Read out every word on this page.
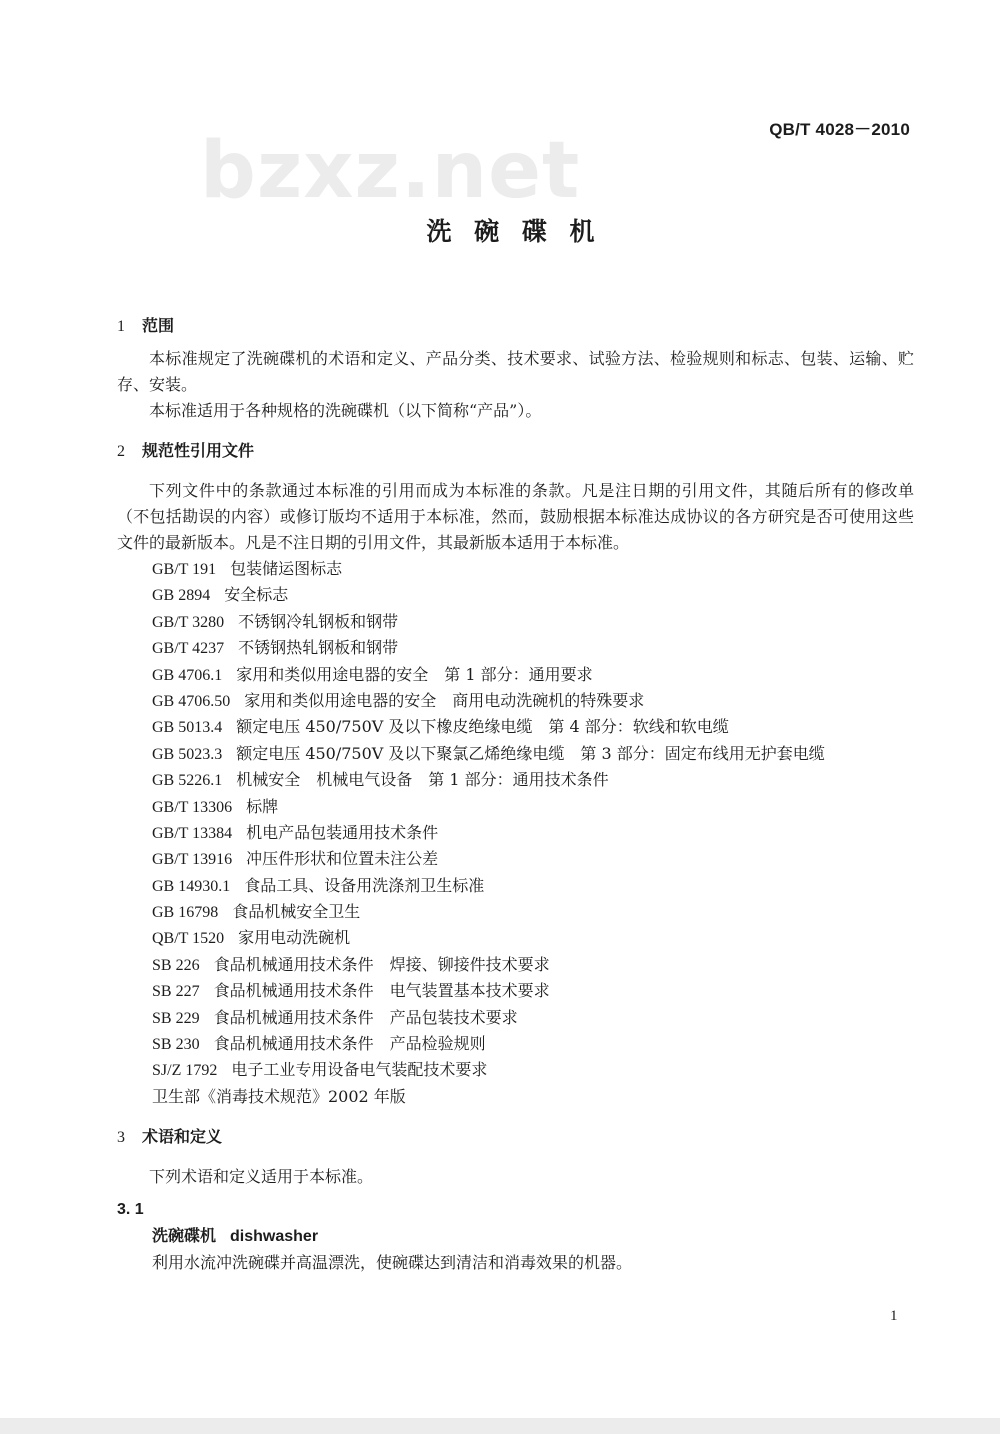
QB/T 4028－2010
bzxz.net
洗 碗 碟 机
1 范围

本标准规定了洗碗碟机的术语和定义、产品分类、技术要求、试验方法、检验规则和标志、包装、运输、贮存、安装。

本标准适用于各种规格的洗碗碟机（以下简称“产品”）。

2 规范性引用文件

下列文件中的条款通过本标准的引用而成为本标准的条款。凡是注日期的引用文件，其随后所有的修改单（不包括勘误的内容）或修订版均不适用于本标准，然而，鼓励根据本标准达成协议的各方研究是否可使用这些文件的最新版本。凡是不注日期的引用文件，其最新版本适用于本标准。

GB/T 191 包装储运图标志
GB 2894 安全标志
GB/T 3280 不锈钢冷轧钢板和钢带
GB/T 4237 不锈钢热轧钢板和钢带
GB 4706.1 家用和类似用途电器的安全　第 1 部分：通用要求
GB 4706.50 家用和类似用途电器的安全　商用电动洗碗机的特殊要求
GB 5013.4 额定电压 450/750V 及以下橡皮绝缘电缆　第 4 部分：软线和软电缆
GB 5023.3 额定电压 450/750V 及以下聚氯乙烯绝缘电缆　第 3 部分：固定布线用无护套电缆
GB 5226.1 机械安全　机械电气设备　第 1 部分：通用技术条件
GB/T 13306 标牌
GB/T 13384 机电产品包装通用技术条件
GB/T 13916 冲压件形状和位置未注公差
GB 14930.1 食品工具、设备用洗涤剂卫生标准
GB 16798 食品机械安全卫生
QB/T 1520 家用电动洗碗机
SB 226 食品机械通用技术条件　焊接、铆接件技术要求
SB 227 食品机械通用技术条件　电气装置基本技术要求
SB 229 食品机械通用技术条件　产品包装技术要求
SB 230 食品机械通用技术条件　产品检验规则
SJ/Z 1792 电子工业专用设备电气装配技术要求
卫生部《消毒技术规范》2002 年版
3 术语和定义

下列术语和定义适用于本标准。

3. 1
洗碗碟机 dishwasher
利用水流冲洗碗碟并高温漂洗，使碗碟达到清洁和消毒效果的机器。
1
